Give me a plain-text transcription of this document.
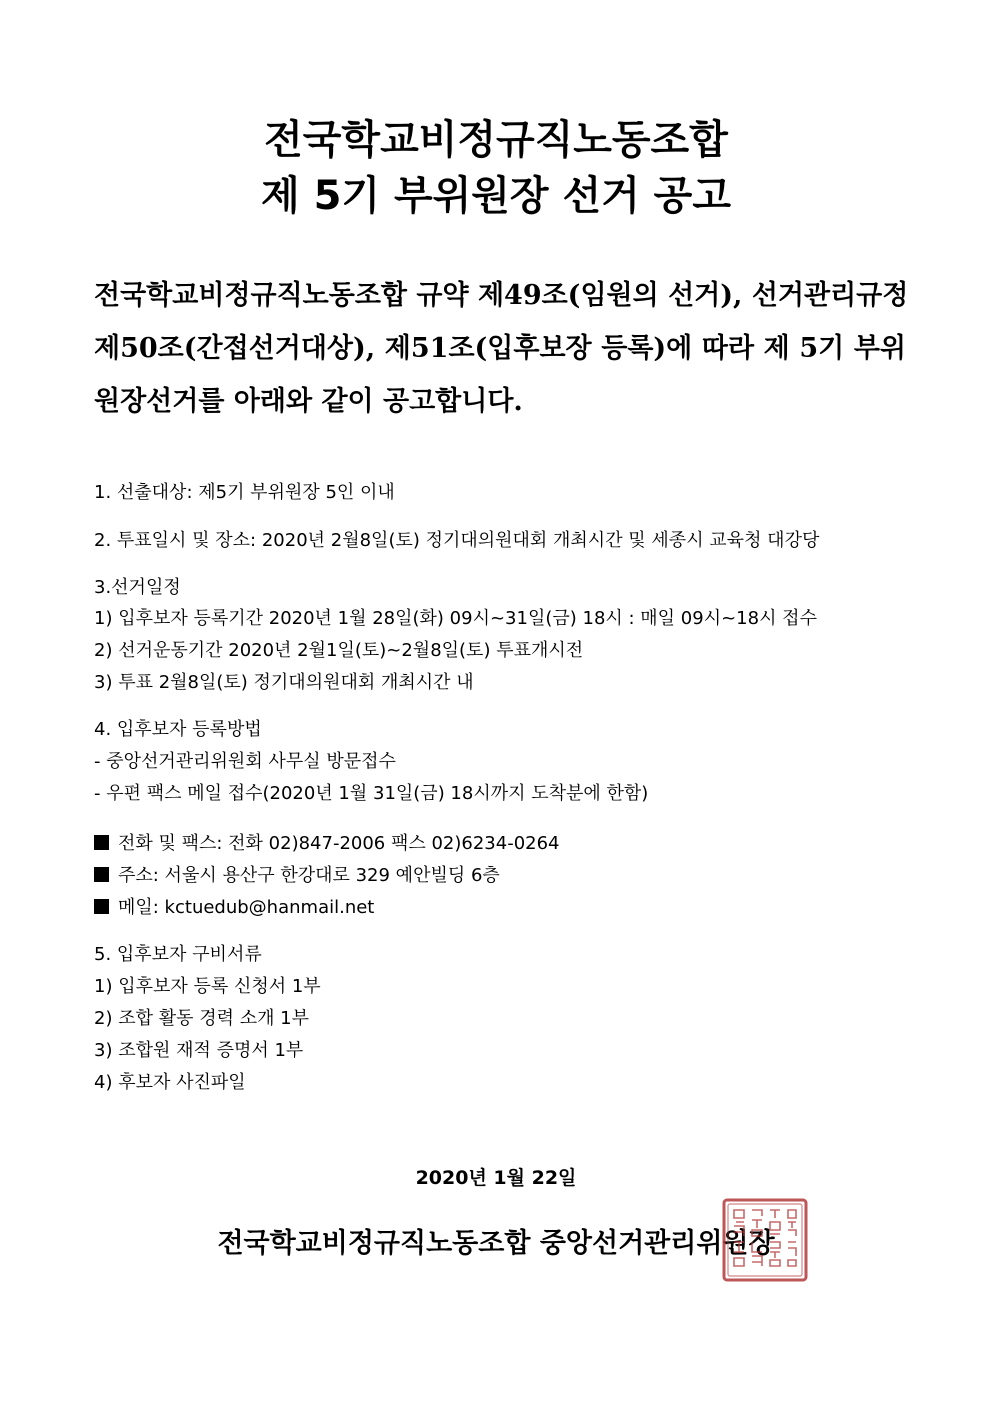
전국학교비정규직노동조합
제 5기 부위원장 선거 공고
전국학교비정규직노동조합 규약 제49조(임원의 선거), 선거관리규정
제50조(간접선거대상), 제51조(입후보장 등록)에 따라 제 5기 부위
원장선거를 아래와 같이 공고합니다.
1. 선출대상: 제5기 부위원장 5인 이내
2. 투표일시 및 장소: 2020년 2월8일(토) 정기대의원대회 개최시간 및 세종시 교육청 대강당
3.선거일정
1) 입후보자 등록기간 2020년 1월 28일(화) 09시~31일(금) 18시 : 매일 09시~18시 접수
2) 선거운동기간 2020년 2월1일(토)~2월8일(토) 투표개시전
3) 투표 2월8일(토) 정기대의원대회 개최시간 내
4. 입후보자 등록방법
- 중앙선거관리위원회 사무실 방문접수
- 우편 팩스 메일 접수(2020년 1월 31일(금) 18시까지 도착분에 한함)
전화 및 팩스: 전화 02)847-2006 팩스 02)6234-0264
주소: 서울시 용산구 한강대로 329 예안빌딩 6층
메일: kctuedub@hanmail.net
5. 입후보자 구비서류
1) 입후보자 등록 신청서 1부
2) 조합 활동 경력 소개 1부
3) 조합원 재적 증명서 1부
4) 후보자 사진파일
2020년 1월 22일
전국학교비정규직노동조합 중앙선거관리위원장
